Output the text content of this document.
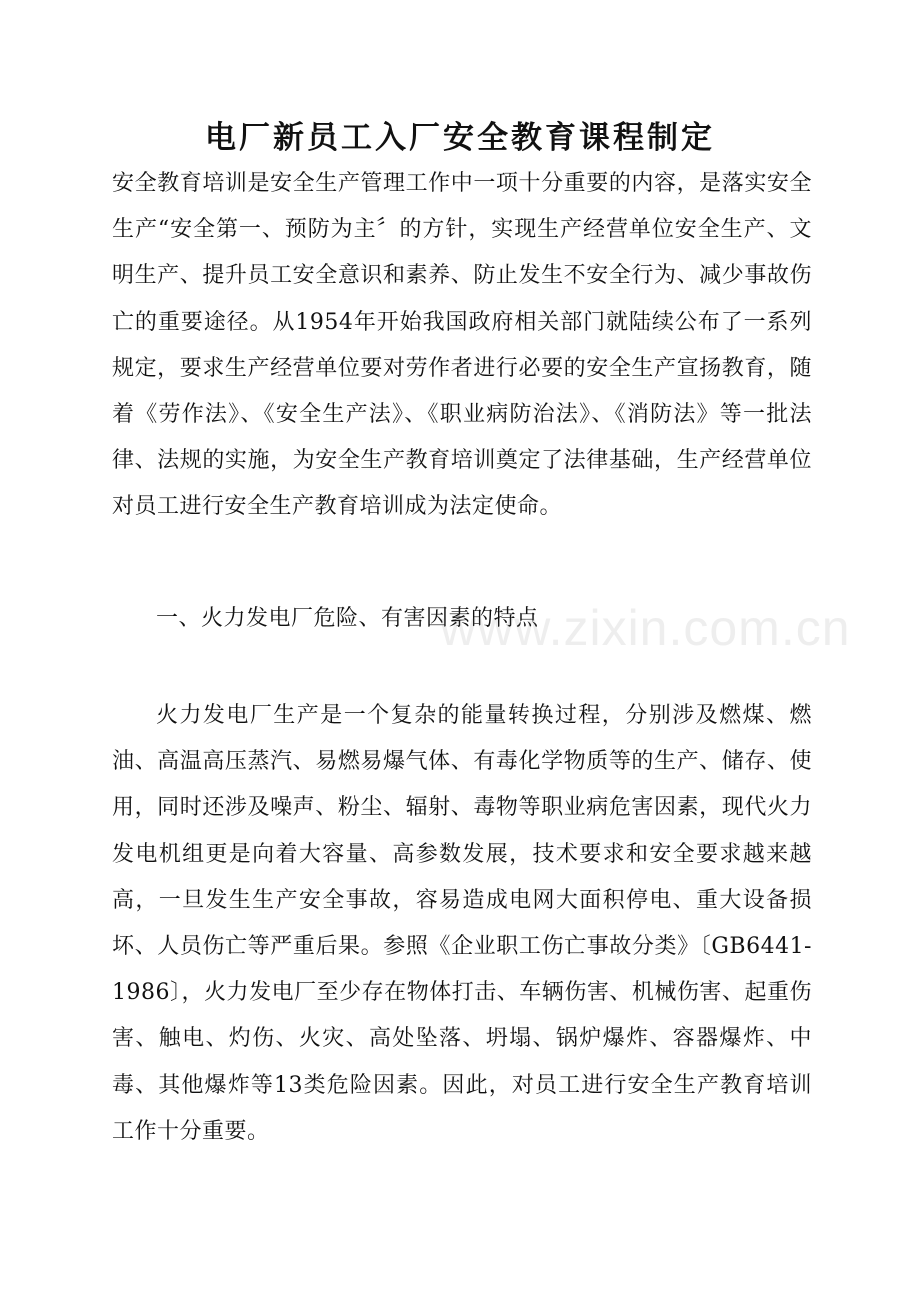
电厂新员工入厂安全教育课程制定

安全教育培训是安全生产管理工作中一项十分重要的内容，是落实安全生产“安全第一、预防为主〞的方针，实现生产经营单位安全生产、文明生产、提升员工安全意识和素养、防止发生不安全行为、减少事故伤亡的重要途径。从1954年开始我国政府相关部门就陆续公布了一系列规定，要求生产经营单位要对劳作者进行必要的安全生产宣扬教育，随着《劳作法》、《安全生产法》、《职业病防治法》、《消防法》等一批法律、法规的实施，为安全生产教育培训奠定了法律基础，生产经营单位对员工进行安全生产教育培训成为法定使命。

一、火力发电厂危险、有害因素的特点
www.zixin.com.cn

火力发电厂生产是一个复杂的能量转换过程，分别涉及燃煤、燃油、高温高压蒸汽、易燃易爆气体、有毒化学物质等的生产、储存、使用，同时还涉及噪声、粉尘、辐射、毒物等职业病危害因素，现代火力发电机组更是向着大容量、高参数发展，技术要求和安全要求越来越高，一旦发生生产安全事故，容易造成电网大面积停电、重大设备损坏、人员伤亡等严重后果。参照《企业职工伤亡事故分类》〔GB6441-1986〕，火力发电厂至少存在物体打击、车辆伤害、机械伤害、起重伤害、触电、灼伤、火灾、高处坠落、坍塌、锅炉爆炸、容器爆炸、中毒、其他爆炸等13类危险因素。因此，对员工进行安全生产教育培训工作十分重要。
